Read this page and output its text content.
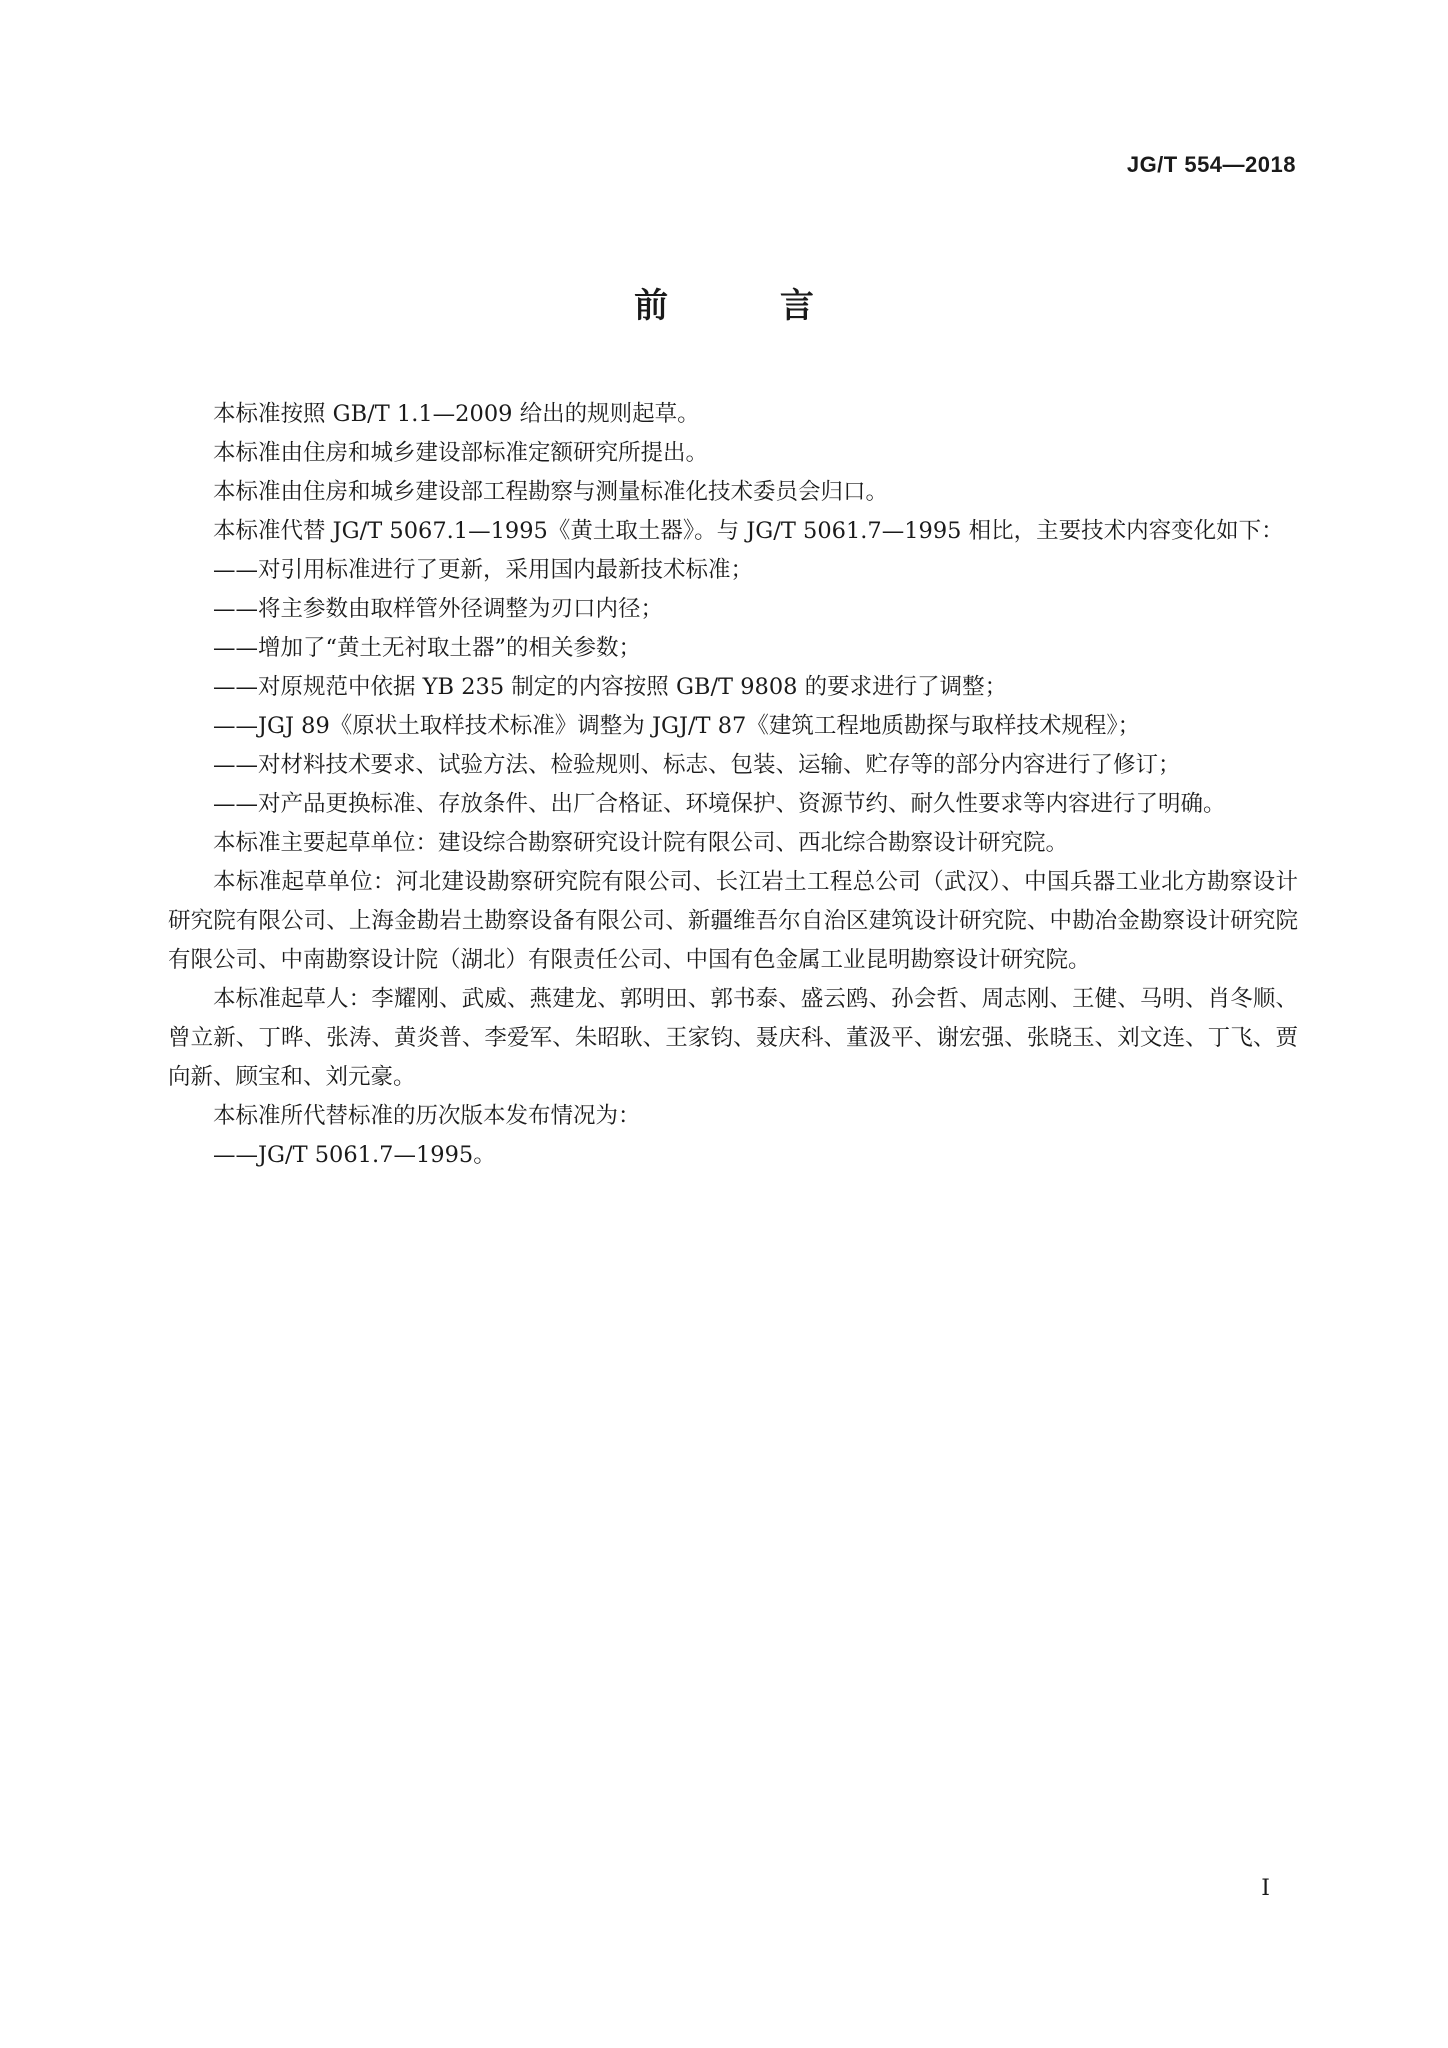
JG/T 554—2018
前 言

本标准按照 GB/T 1.1—2009 给出的规则起草。

本标准由住房和城乡建设部标准定额研究所提出。

本标准由住房和城乡建设部工程勘察与测量标准化技术委员会归口。

本标准代替 JG/T 5067.1—1995《黄土取土器》。与 JG/T 5061.7—1995 相比，主要技术内容变化如下：

——对引用标准进行了更新，采用国内最新技术标准；

——将主参数由取样管外径调整为刃口内径；

——增加了“黄土无衬取土器”的相关参数；

——对原规范中依据 YB 235 制定的内容按照 GB/T 9808 的要求进行了调整；

——JGJ 89《原状土取样技术标准》调整为 JGJ/T 87《建筑工程地质勘探与取样技术规程》；

——对材料技术要求、试验方法、检验规则、标志、包装、运输、贮存等的部分内容进行了修订；

——对产品更换标准、存放条件、出厂合格证、环境保护、资源节约、耐久性要求等内容进行了明确。

本标准主要起草单位：建设综合勘察研究设计院有限公司、西北综合勘察设计研究院。

本标准起草单位：河北建设勘察研究院有限公司、长江岩土工程总公司（武汉）、中国兵器工业北方勘察设计研究院有限公司、上海金勘岩土勘察设备有限公司、新疆维吾尔自治区建筑设计研究院、中勘冶金勘察设计研究院有限公司、中南勘察设计院（湖北）有限责任公司、中国有色金属工业昆明勘察设计研究院。

本标准起草人：李耀刚、武威、燕建龙、郭明田、郭书泰、盛云鸥、孙会哲、周志刚、王健、马明、肖冬顺、曾立新、丁晔、张涛、黄炎普、李爱军、朱昭耿、王家钧、聂庆科、董汲平、谢宏强、张晓玉、刘文连、丁飞、贾向新、顾宝和、刘元豪。

本标准所代替标准的历次版本发布情况为：

——JG/T 5061.7—1995。

I
